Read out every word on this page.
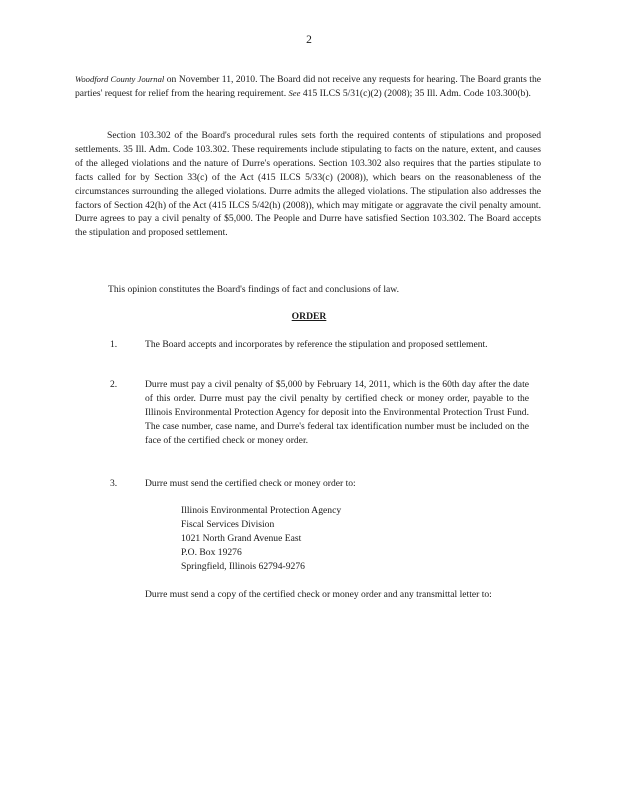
2
Woodford County Journal on November 11, 2010. The Board did not receive any requests for hearing. The Board grants the parties' request for relief from the hearing requirement. See 415 ILCS 5/31(c)(2) (2008); 35 Ill. Adm. Code 103.300(b).
Section 103.302 of the Board's procedural rules sets forth the required contents of stipulations and proposed settlements. 35 Ill. Adm. Code 103.302. These requirements include stipulating to facts on the nature, extent, and causes of the alleged violations and the nature of Durre's operations. Section 103.302 also requires that the parties stipulate to facts called for by Section 33(c) of the Act (415 ILCS 5/33(c) (2008)), which bears on the reasonableness of the circumstances surrounding the alleged violations. Durre admits the alleged violations. The stipulation also addresses the factors of Section 42(h) of the Act (415 ILCS 5/42(h) (2008)), which may mitigate or aggravate the civil penalty amount. Durre agrees to pay a civil penalty of $5,000. The People and Durre have satisfied Section 103.302. The Board accepts the stipulation and proposed settlement.
This opinion constitutes the Board's findings of fact and conclusions of law.
ORDER
1.	The Board accepts and incorporates by reference the stipulation and proposed settlement.
2.	Durre must pay a civil penalty of $5,000 by February 14, 2011, which is the 60th day after the date of this order. Durre must pay the civil penalty by certified check or money order, payable to the Illinois Environmental Protection Agency for deposit into the Environmental Protection Trust Fund. The case number, case name, and Durre's federal tax identification number must be included on the face of the certified check or money order.
3.	Durre must send the certified check or money order to:
Illinois Environmental Protection Agency
Fiscal Services Division
1021 North Grand Avenue East
P.O. Box 19276
Springfield, Illinois 62794-9276
Durre must send a copy of the certified check or money order and any transmittal letter to:
